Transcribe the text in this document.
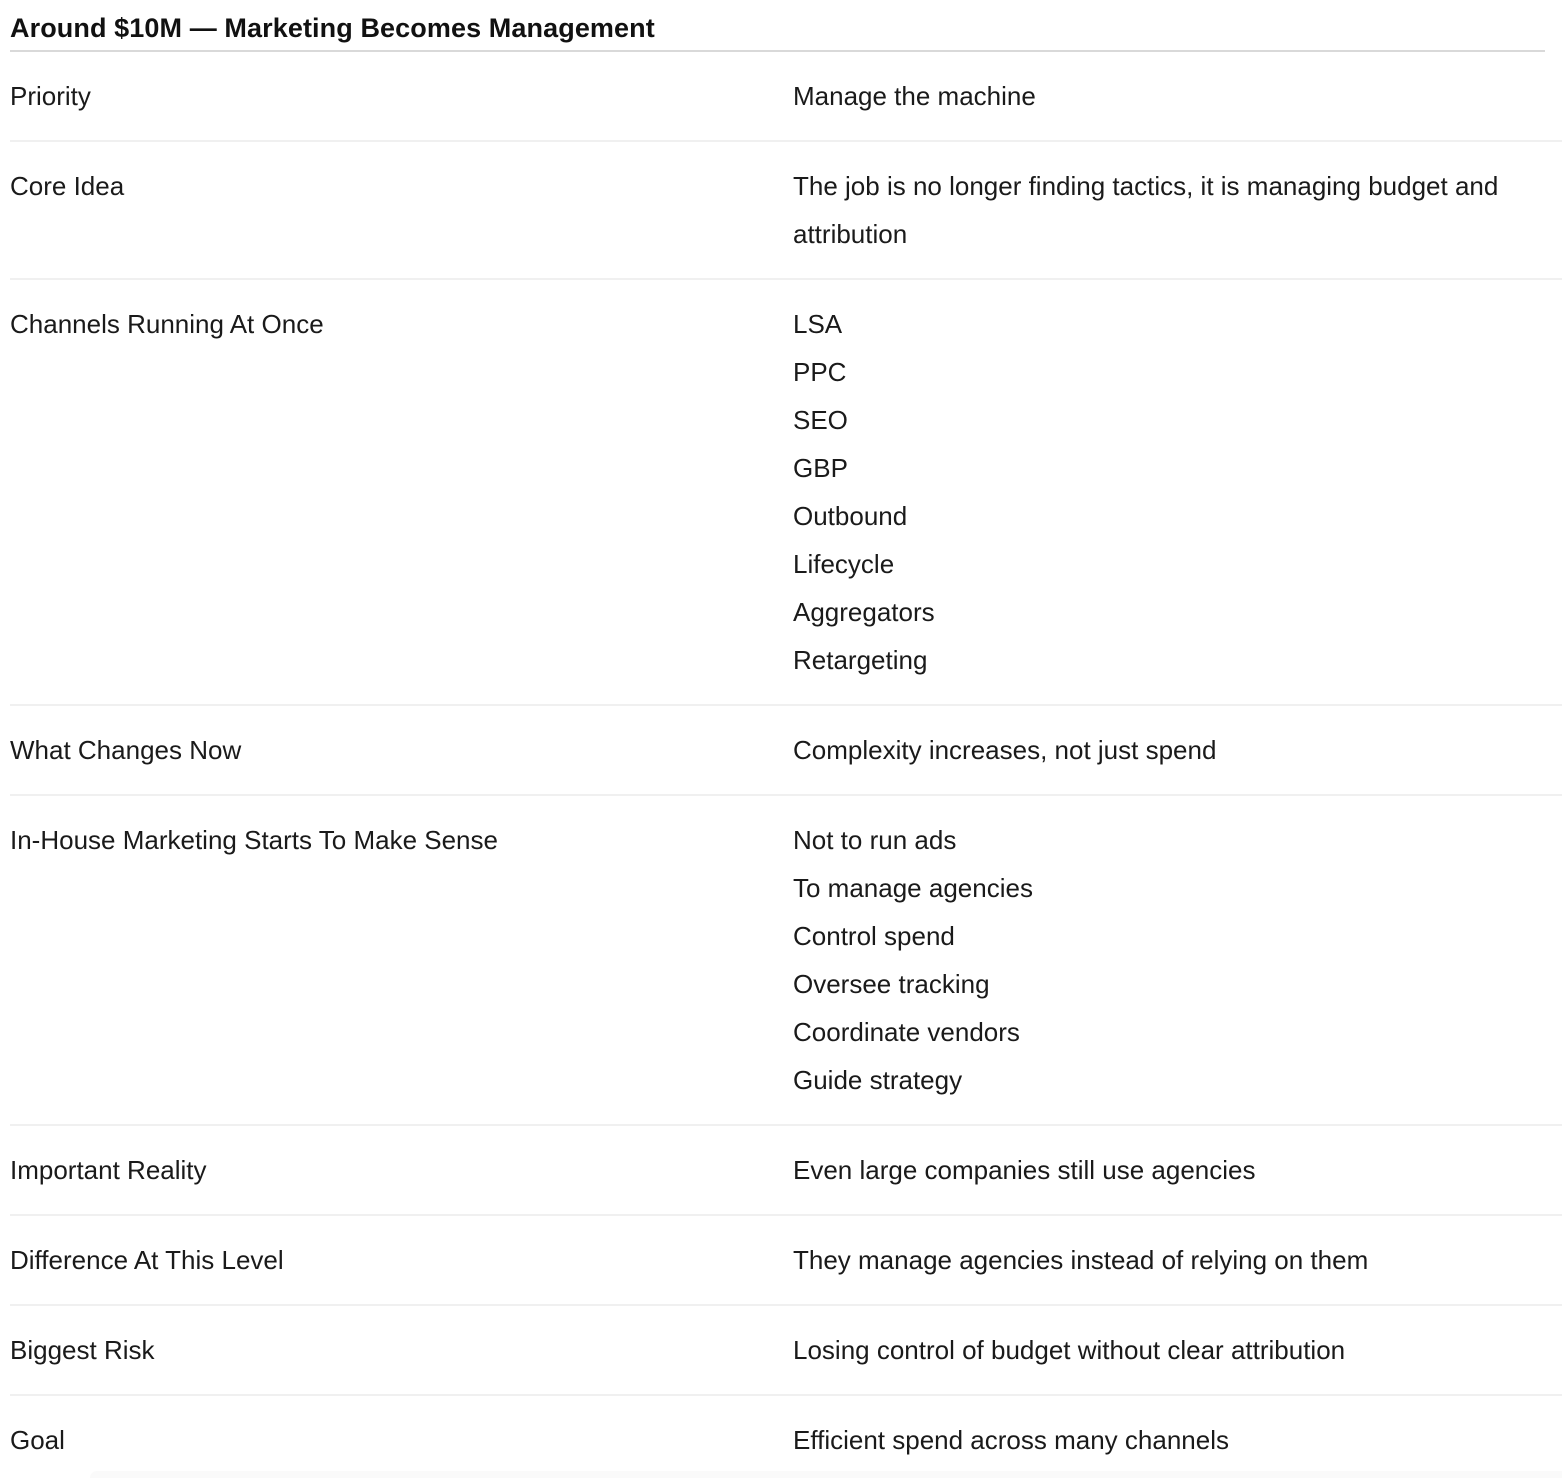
Around $10M — Marketing Becomes Management
Priority	Manage the machine
Core Idea	The job is no longer finding tactics, it is managing budget and attribution
Channels Running At Once	LSA
PPC
SEO
GBP
Outbound
Lifecycle
Aggregators
Retargeting
What Changes Now	Complexity increases, not just spend
In-House Marketing Starts To Make Sense	Not to run ads
To manage agencies
Control spend
Oversee tracking
Coordinate vendors
Guide strategy
Important Reality	Even large companies still use agencies
Difference At This Level	They manage agencies instead of relying on them
Biggest Risk	Losing control of budget without clear attribution
Goal	Efficient spend across many channels
